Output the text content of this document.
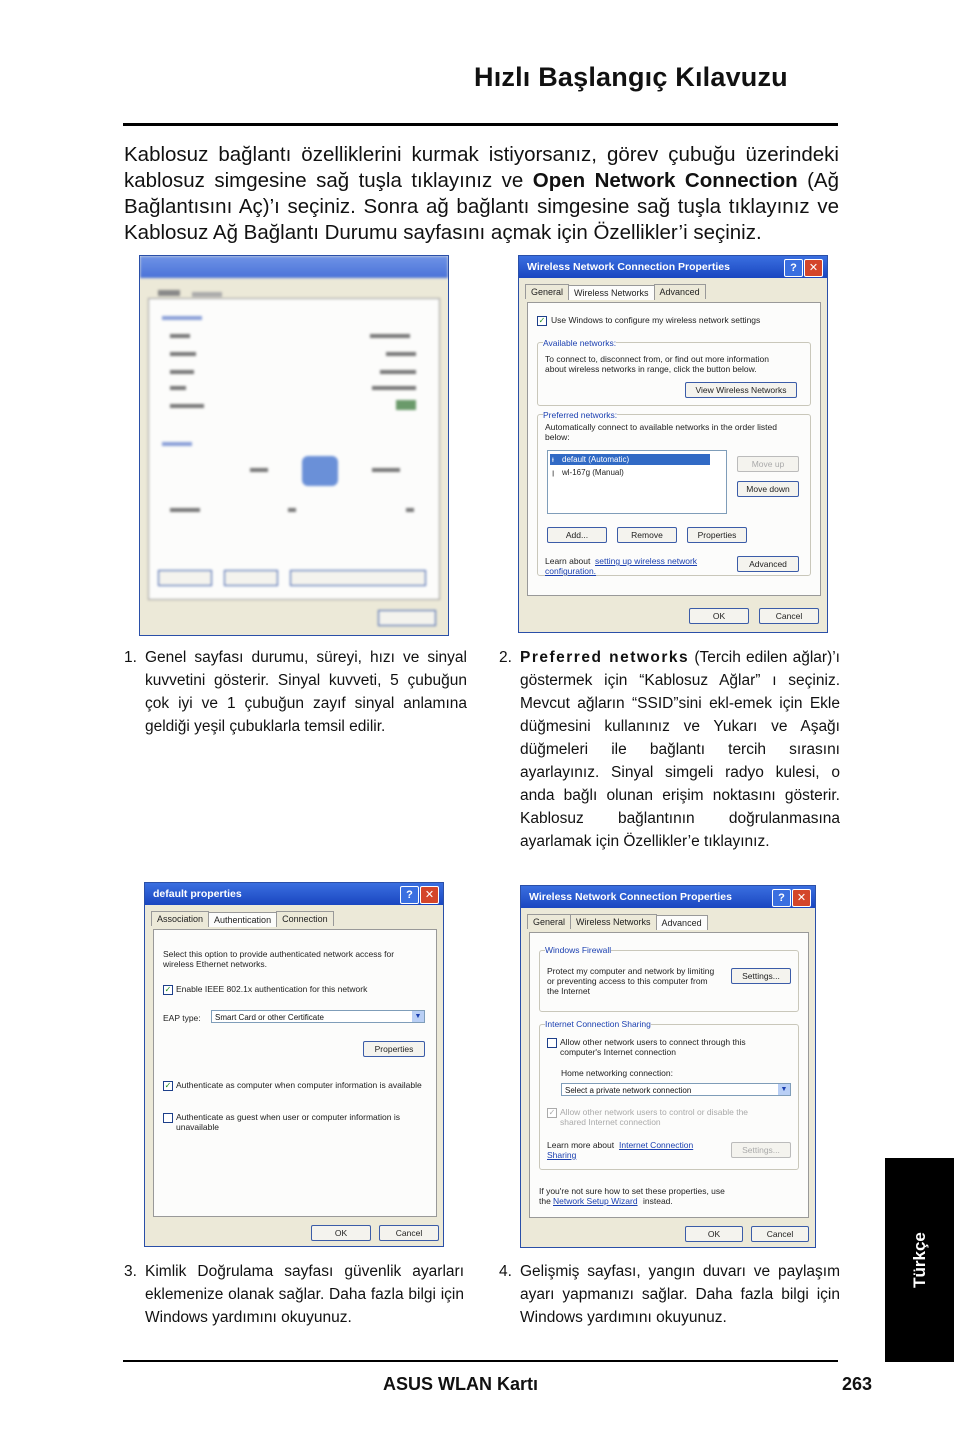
Hızlı Başlangıç Kılavuzu
Kablosuz bağlantı özelliklerini kurmak istiyorsanız, görev çubuğu üzerindeki kablosuz simgesine sağ tuşla tıklayınız ve Open Network Connection (Ağ Bağlantısını Aç)’ı seçiniz. Sonra ağ bağlantı simgesine sağ tuşla tıklayınız ve Kablosuz Ağ Bağlantı Durumu sayfasını açmak için Özellikler’i seçiniz.
Wireless Network Connection Properties	?	✕
General	Wireless Networks	Advanced
✓ Use Windows to configure my wireless network settings
Available networks:
To connect to, disconnect from, or find out more information
about wireless networks in range, click the button below.
View Wireless Networks
Preferred networks:
Automatically connect to available networks in the order listed
below:
ᵻ default (Automatic)
ꞁ wl-167g (Manual)
Move up
Move down
Add...	Remove	Properties
Learn about setting up wireless network
configuration.
Advanced
OK	Cancel
1. Genel sayfası durumu, süreyi, hızı ve sinyal kuvvetini gösterir. Sinyal kuvveti, 5 çubuğun çok iyi ve 1 çubuğun zayıf sinyal anlamına geldiği yeşil çubuklarla temsil edilir.
2. Preferred networks (Tercih edilen ağlar)’ı göstermek için “Kablosuz Ağlar” ı seçiniz. Mevcut ağların “SSID”sini ekl-emek için Ekle düğmesini kullanınız ve Yukarı ve Aşağı düğmeleri ile bağlantı tercih sırasını ayarlayınız. Sinyal simgeli radyo kulesi, o anda bağlı olunan erişim noktasını gösterir. Kablosuz bağlantının doğrulanmasına ayarlamak için Özellikler’e tıklayınız.
default properties	?	✕
Association	Authentication	Connection
Select this option to provide authenticated network access for
wireless Ethernet networks.
✓ Enable IEEE 802.1x authentication for this network
EAP type:	Smart Card or other Certificate	▼
Properties
✓ Authenticate as computer when computer information is available
Authenticate as guest when user or computer information is
unavailable
OK	Cancel
Wireless Network Connection Properties	?	✕
General	Wireless Networks	Advanced
Windows Firewall
Protect my computer and network by limiting
or preventing access to this computer from
the Internet
Settings...
Internet Connection Sharing
Allow other network users to connect through this
computer's Internet connection
Home networking connection:
Select a private network connection	▼
✓ Allow other network users to control or disable the
shared Internet connection
Learn more about Internet Connection
Sharing	Settings...
If you're not sure how to set these properties, use
the Network Setup Wizard instead.
OK	Cancel
3. Kimlik Doğrulama sayfası güvenlik ayarları eklemenize olanak sağlar. Daha fazla bilgi için Windows yardımını okuyunuz.
4. Gelişmiş sayfası, yangın duvarı ve paylaşım ayarı yapmanızı sağlar. Daha fazla bilgi için Windows yardımını okuyunuz.
Türkçe
ASUS WLAN Kartı	263
